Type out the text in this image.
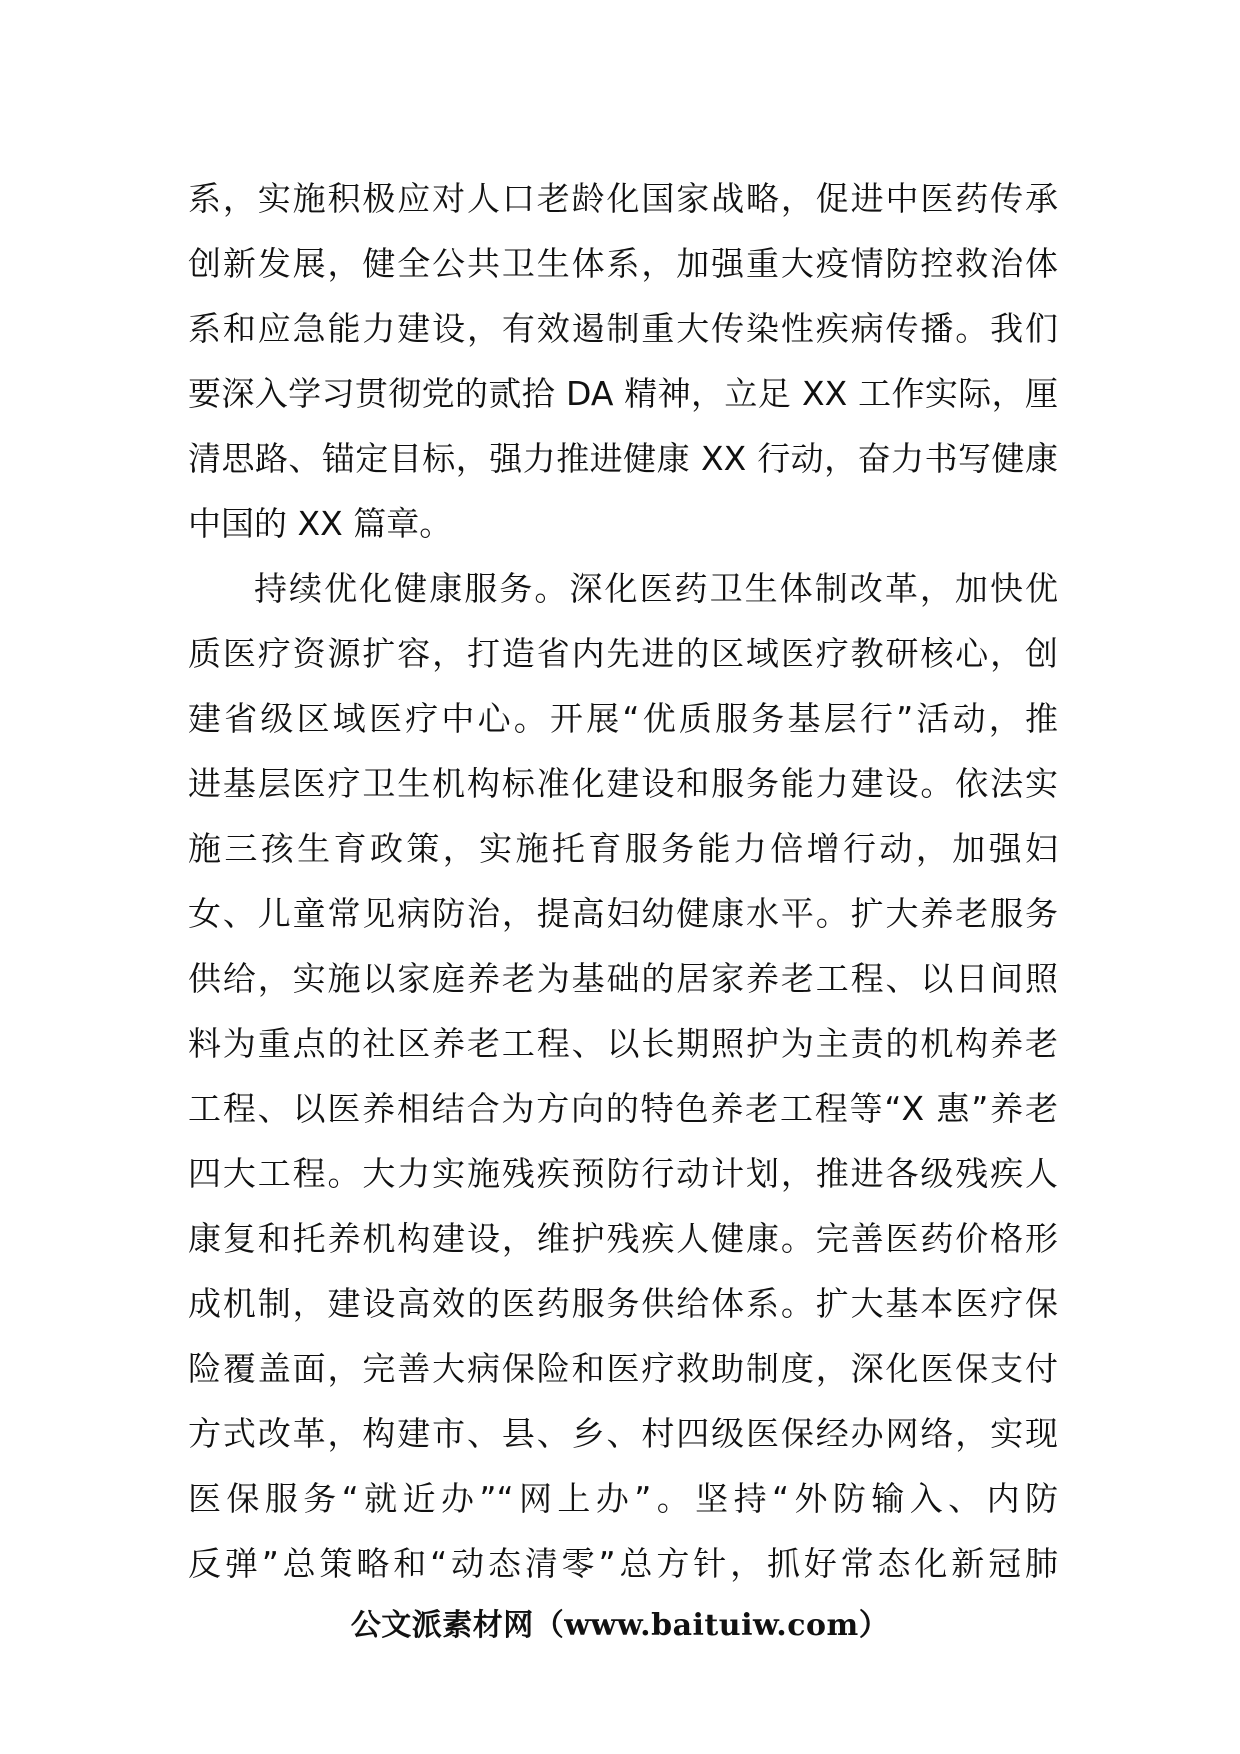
系，实施积极应对人口老龄化国家战略，促进中医药传承
创新发展，健全公共卫生体系，加强重大疫情防控救治体
系和应急能力建设，有效遏制重大传染性疾病传播。我们
要深入学习贯彻党的贰拾 DA 精神，立足 XX 工作实际，厘
清思路、锚定目标，强力推进健康 XX 行动，奋力书写健康
中国的 XX 篇章。
持续优化健康服务。深化医药卫生体制改革，加快优
质医疗资源扩容，打造省内先进的区域医疗教研核心，创
建省级区域医疗中心。开展“优质服务基层行”活动，推
进基层医疗卫生机构标准化建设和服务能力建设。依法实
施三孩生育政策，实施托育服务能力倍增行动，加强妇
女、儿童常见病防治，提高妇幼健康水平。扩大养老服务
供给，实施以家庭养老为基础的居家养老工程、以日间照
料为重点的社区养老工程、以长期照护为主责的机构养老
工程、以医养相结合为方向的特色养老工程等“X 惠”养老
四大工程。大力实施残疾预防行动计划，推进各级残疾人
康复和托养机构建设，维护残疾人健康。完善医药价格形
成机制，建设高效的医药服务供给体系。扩大基本医疗保
险覆盖面，完善大病保险和医疗救助制度，深化医保支付
方式改革，构建市、县、乡、村四级医保经办网络，实现
医保服务“就近办”“网上办”。坚持“外防输入、内防
反弹”总策略和“动态清零”总方针，抓好常态化新冠肺
公文派素材网（www.baituiw.com）
